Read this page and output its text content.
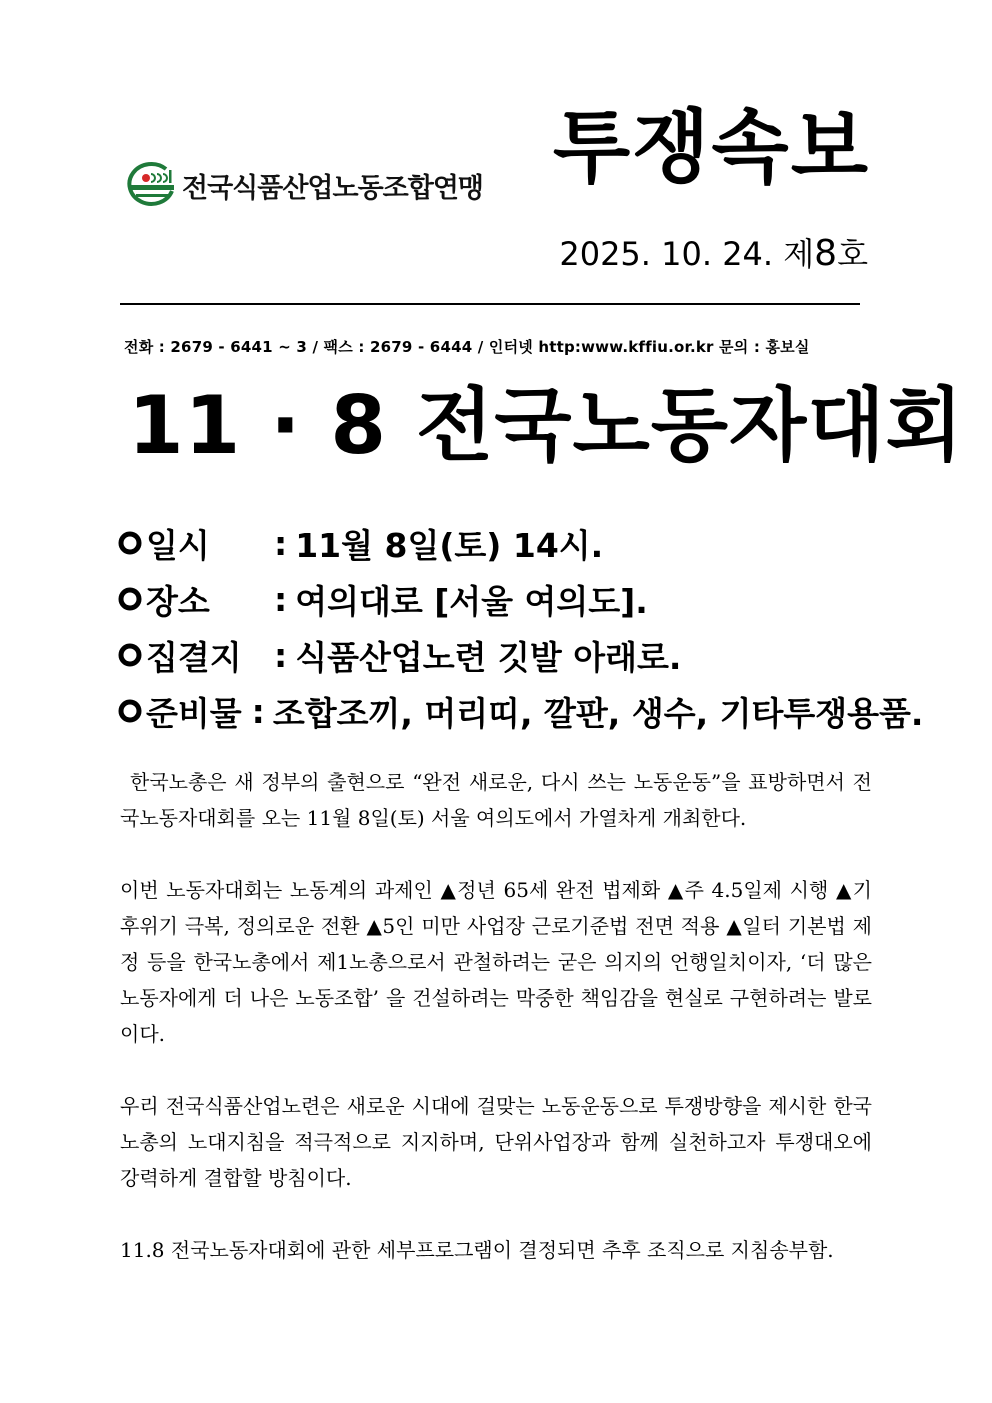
전국식품산업노동조합연맹 투쟁속보
2025. 10. 24. 제8호
전화 : 2679 - 6441 ~ 3 / 팩스 : 2679 - 6444 / 인터넷 http:www.kffiu.or.kr 문의 : 홍보실
11 · 8 전국노동자대회
일시	: 11월 8일(토) 14시.
장소	: 여의대로 [서울 여의도].
집결지 : 식품산업노련 깃발 아래로.
준비물 : 조합조끼, 머리띠, 깔판, 생수, 기타투쟁용품.

한국노총은 새 정부의 출현으로 “완전 새로운, 다시 쓰는 노동운동”을 표방하면서 전국노동자대회를 오는 11월 8일(토) 서울 여의도에서 가열차게 개최한다.

이번 노동자대회는 노동계의 과제인 ▲정년 65세 완전 법제화 ▲주 4.5일제 시행 ▲기후위기 극복, 정의로운 전환 ▲5인 미만 사업장 근로기준법 전면 적용 ▲일터 기본법 제정 등을 한국노총에서 제1노총으로서 관철하려는 굳은 의지의 언행일치이자, ‘더 많은 노동자에게 더 나은 노동조합’ 을 건설하려는 막중한 책임감을 현실로 구현하려는 발로이다.

우리 전국식품산업노련은 새로운 시대에 걸맞는 노동운동으로 투쟁방향을 제시한 한국노총의 노대지침을 적극적으로 지지하며, 단위사업장과 함께 실천하고자 투쟁대오에 강력하게 결합할 방침이다.

11.8 전국노동자대회에 관한 세부프로그램이 결정되면 추후 조직으로 지침송부함.
